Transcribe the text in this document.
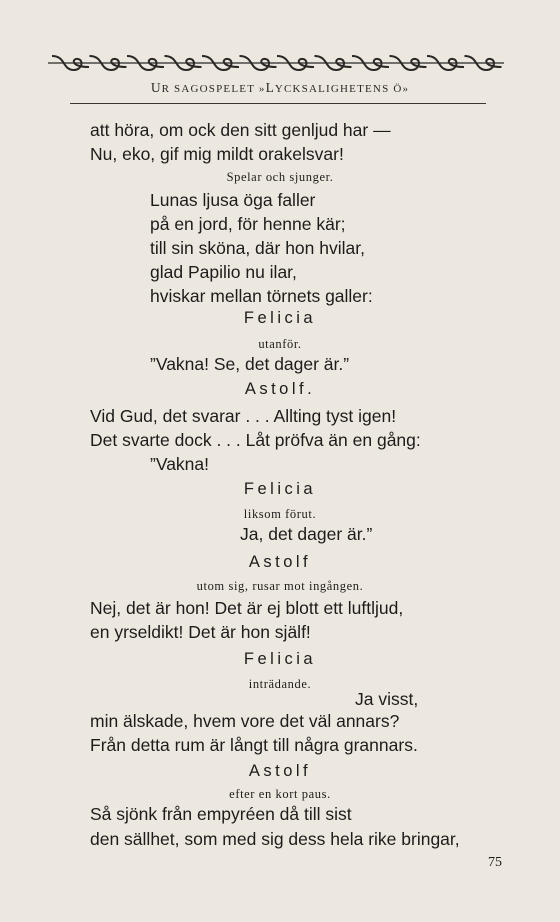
UR SAGOSPELET »LYCKSALIGHETENS Ö»
att höra, om ock den sitt genljud har —
Nu, eko, gif mig mildt orakelsvar!
Spelar och sjunger.
Lunas ljusa öga faller
på en jord, för henne kär;
till sin sköna, där hon hvilar,
glad Papilio nu ilar,
hviskar mellan törnets galler:
Felicia
utanför.
”Vakna! Se, det dager är.”
Astolf.
Vid Gud, det svarar . . . Allting tyst igen!
Det svarte dock . . . Låt pröfva än en gång:
”Vakna!
Felicia
liksom förut.
Ja, det dager är.”
Astolf
utom sig, rusar mot ingången.
Nej, det är hon! Det är ej blott ett luftljud,
en yrseldikt! Det är hon själf!
Felicia
inträdande.
Ja visst,
min älskade, hvem vore det väl annars?
Från detta rum är långt till några grannars.
Astolf
efter en kort paus.
Så sjönk från empyréen då till sist
den sällhet, som med sig dess hela rike bringar,
75
